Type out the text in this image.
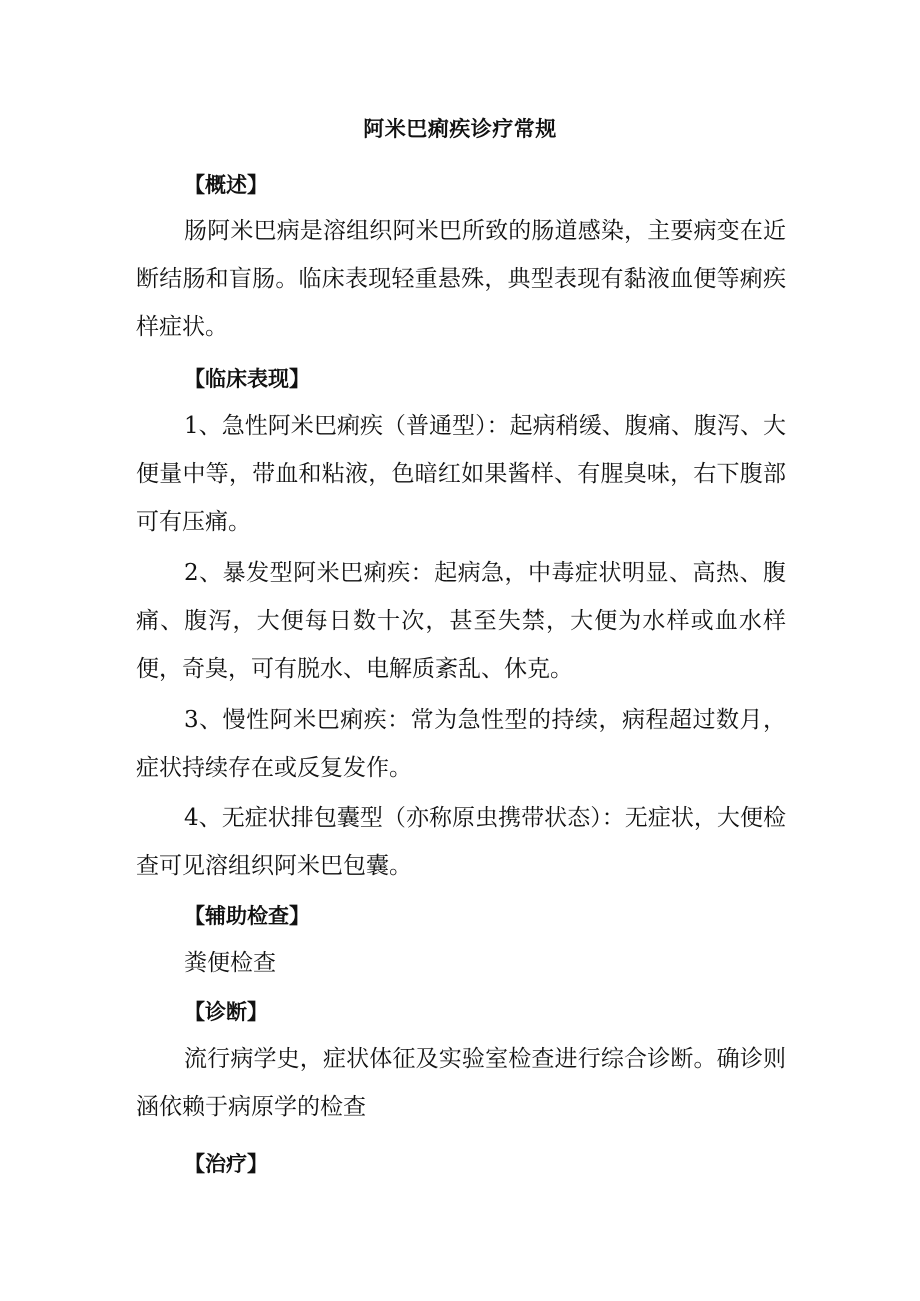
阿米巴痢疾诊疗常规
【概述】
肠阿米巴病是溶组织阿米巴所致的肠道感染，主要病变在近断结肠和盲肠。临床表现轻重悬殊，典型表现有黏液血便等痢疾样症状。
【临床表现】
1、急性阿米巴痢疾（普通型）：起病稍缓、腹痛、腹泻、大便量中等，带血和粘液，色暗红如果酱样、有腥臭味，右下腹部可有压痛。
2、暴发型阿米巴痢疾：起病急，中毒症状明显、高热、腹痛、腹泻，大便每日数十次，甚至失禁，大便为水样或血水样便，奇臭，可有脱水、电解质紊乱、休克。
3、慢性阿米巴痢疾：常为急性型的持续，病程超过数月，症状持续存在或反复发作。
4、无症状排包囊型（亦称原虫携带状态）：无症状，大便检查可见溶组织阿米巴包囊。
【辅助检查】
粪便检查
【诊断】
流行病学史，症状体征及实验室检查进行综合诊断。确诊则涵依赖于病原学的检查
【治疗】
